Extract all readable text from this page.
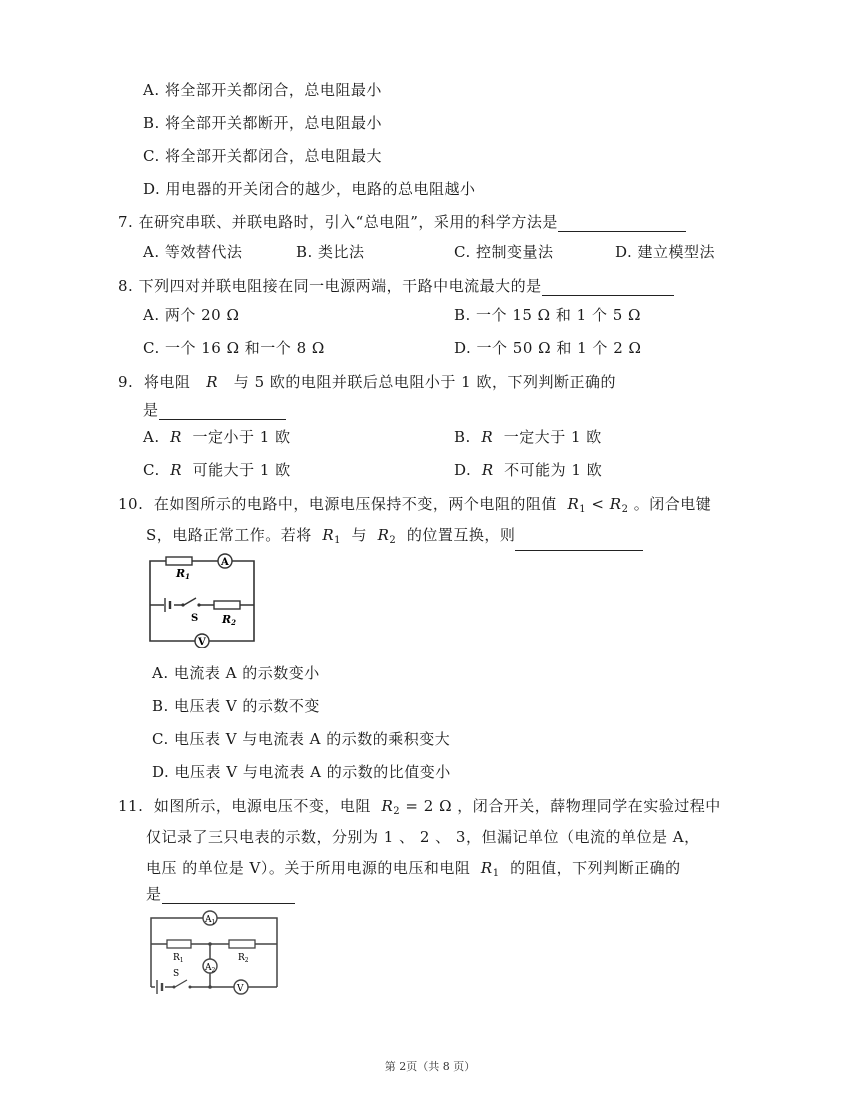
A. 将全部开关都闭合，总电阻最小
B. 将全部开关都断开，总电阻最小
C. 将全部开关都闭合，总电阻最大
D. 用电器的开关闭合的越少，电路的总电阻越小
7. 在研究串联、并联电路时，引入“总电阻”，采用的科学方法是
A. 等效替代法	B. 类比法	C. 控制变量法	D. 建立模型法
8. 下列四对并联电阻接在同一电源两端，干路中电流最大的是
A. 两个 20 Ω	B. 一个 15 Ω 和 1 个 5 Ω
C. 一个 16 Ω 和一个 8 Ω	D. 一个 50 Ω 和 1 个 2 Ω
9. 将电阻 R 与 5 欧的电阻并联后总电阻小于 1 欧，下列判断正确的
是
A. R 一定小于 1 欧	B. R 一定大于 1 欧
C. R 可能大于 1 欧	D. R 不可能为 1 欧
10. 在如图所示的电路中，电源电压保持不变，两个电阻的阻值 $R_1 < R_2$ 。闭合电键
S，电路正常工作。若将 $R_1$ 与 $R_2$ 的位置互换，则
R1
A
S R2
V
A. 电流表 A 的示数变小
B. 电压表 V 的示数不变
C. 电压表 V 与电流表 A 的示数的乘积变大
D. 电压表 V 与电流表 A 的示数的比值变小
11. 如图所示，电源电压不变，电阻 $R_2 = 2$ Ω ，闭合开关，薛物理同学在实验过程中
仅记录了三只电表的示数，分别为 1 、 2 、 3，但漏记单位（电流的单位是 A，
电压 的单位是 V）。关于所用电源的电压和电阻 $R_1$ 的阻值，下列判断正确的
是
$A_1$
$R_1$	$R_2$
$A_2$
S
V
第 2页（共 8 页）
